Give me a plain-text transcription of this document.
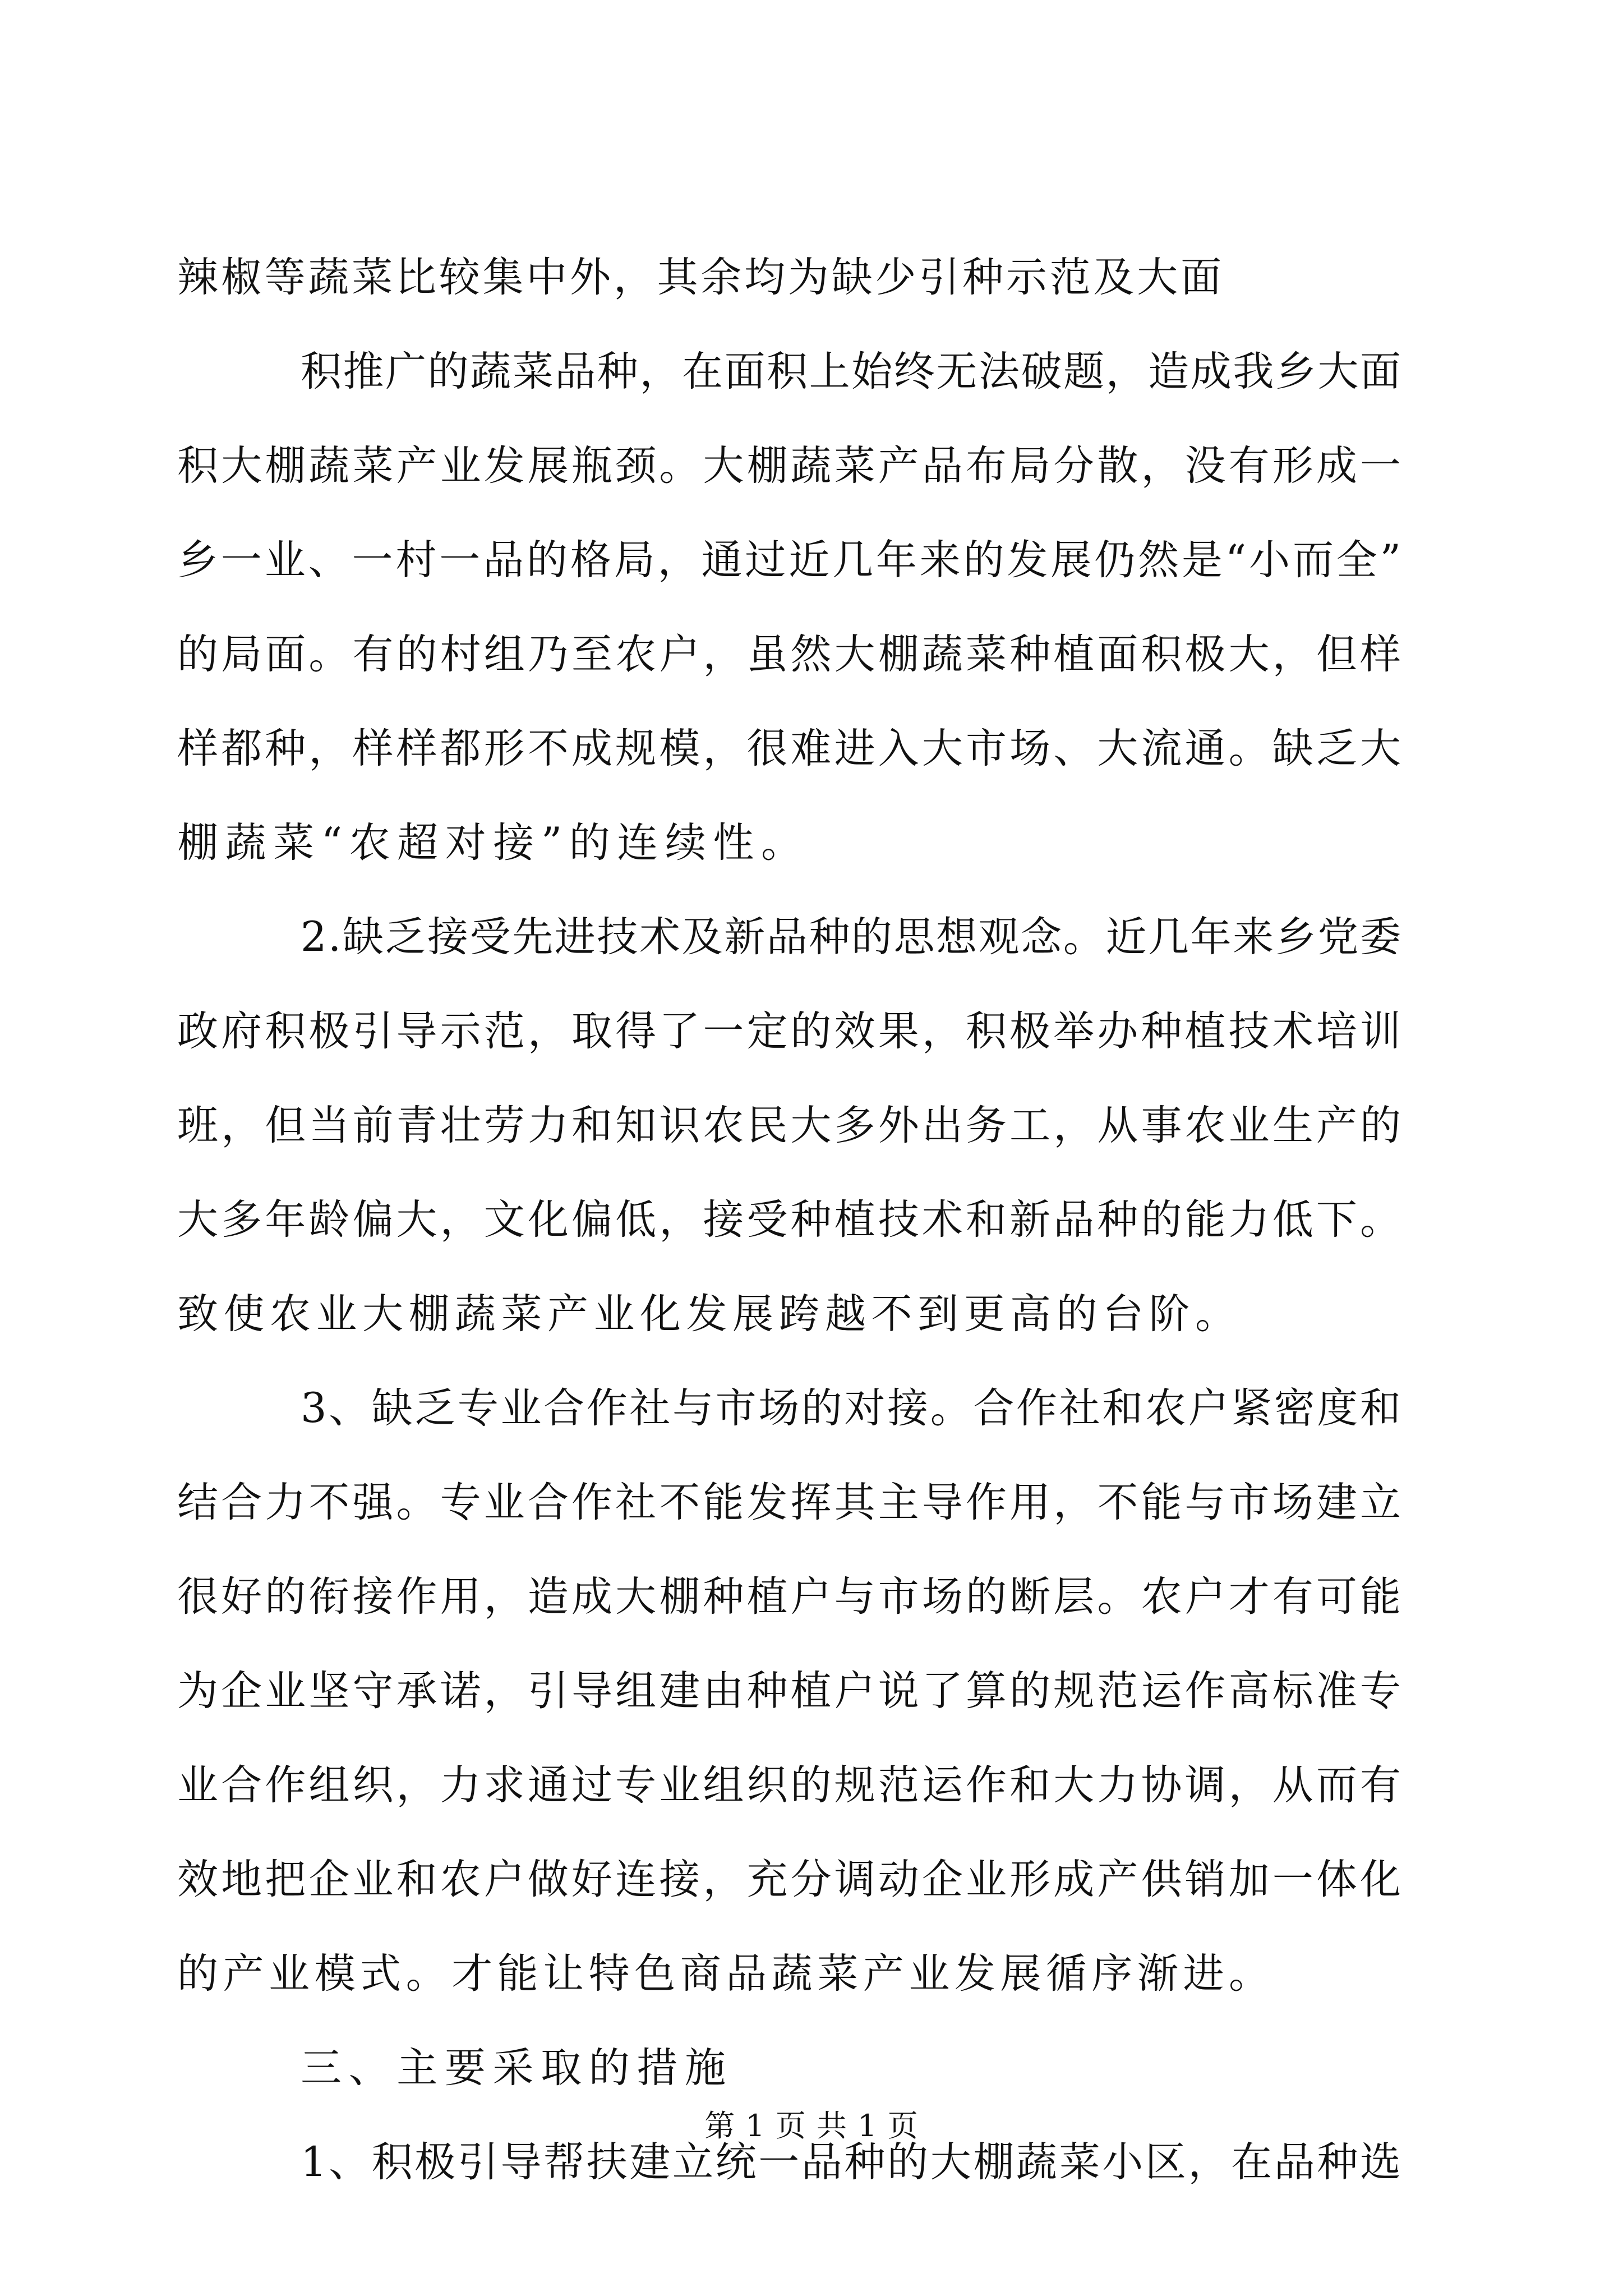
辣椒等蔬菜比较集中外，其余均为缺少引种示范及大面
积推广的蔬菜品种，在面积上始终无法破题，造成我乡大面
积大棚蔬菜产业发展瓶颈。大棚蔬菜产品布局分散，没有形成一
乡一业、一村一品的格局，通过近几年来的发展仍然是“小而全”
的局面。有的村组乃至农户，虽然大棚蔬菜种植面积极大，但样
样都种，样样都形不成规模，很难进入大市场、大流通。缺乏大
棚蔬菜“农超对接”的连续性。
2.缺乏接受先进技术及新品种的思想观念。近几年来乡党委
政府积极引导示范，取得了一定的效果，积极举办种植技术培训
班，但当前青壮劳力和知识农民大多外出务工，从事农业生产的
大多年龄偏大，文化偏低，接受种植技术和新品种的能力低下。
致使农业大棚蔬菜产业化发展跨越不到更高的台阶。
3、缺乏专业合作社与市场的对接。合作社和农户紧密度和
结合力不强。专业合作社不能发挥其主导作用，不能与市场建立
很好的衔接作用，造成大棚种植户与市场的断层。农户才有可能
为企业坚守承诺，引导组建由种植户说了算的规范运作高标准专
业合作组织，力求通过专业组织的规范运作和大力协调，从而有
效地把企业和农户做好连接，充分调动企业形成产供销加一体化
的产业模式。才能让特色商品蔬菜产业发展循序渐进。
三、主要采取的措施
1、积极引导帮扶建立统一品种的大棚蔬菜小区，在品种选
第 1 页 共 1 页
